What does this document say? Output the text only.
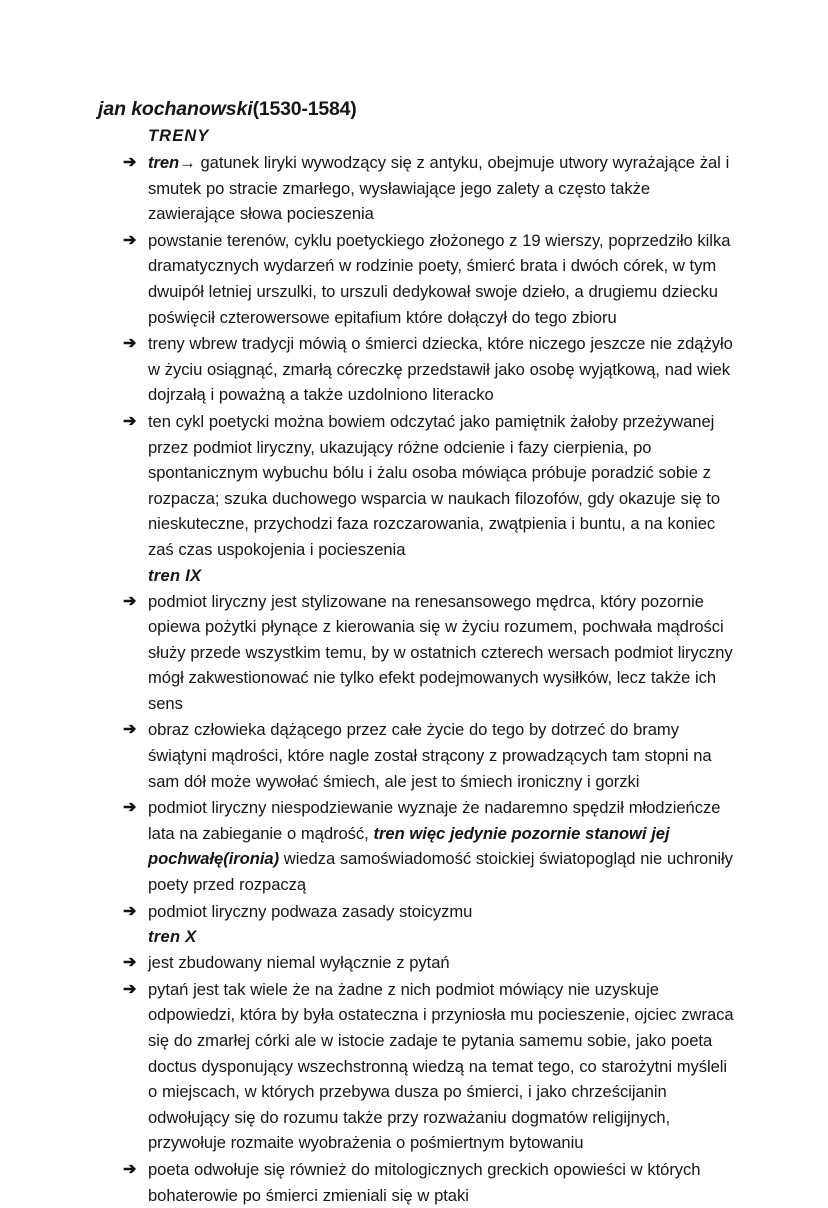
jan kochanowski(1530-1584)
TRENY
➔ tren→ gatunek liryki wywodzący się z antyku, obejmuje utwory wyrażające żal i smutek po stracie zmarłego, wysławiające jego zalety a często także zawierające słowa pocieszenia
➔ powstanie terenów, cyklu poetyckiego złożonego z 19 wierszy, poprzedziło kilka dramatycznych wydarzeń w rodzinie poety, śmierć brata i dwóch córek, w tym dwuipół letniej urszulki, to urszuli dedykował swoje dzieło, a drugiemu dziecku poświęcił czterowersowe epitafium które dołączył do tego zbioru
➔ treny wbrew tradycji mówią o śmierci dziecka, które niczego jeszcze nie zdążyło w życiu osiągnąć, zmarłą córeczkę przedstawił jako osobę wyjątkową, nad wiek dojrzałą i poważną a także uzdolniono literacko
➔ ten cykl poetycki można bowiem odczytać jako pamiętnik żałoby przeżywanej przez podmiot liryczny, ukazujący różne odcienie i fazy cierpienia, po spontanicznym wybuchu bólu i żalu osoba mówiąca próbuje poradzić sobie z rozpacza; szuka duchowego wsparcia w naukach filozofów, gdy okazuje się to nieskuteczne, przychodzi faza rozczarowania, zwątpienia i buntu, a na koniec zaś czas uspokojenia i pocieszenia
tren IX
➔ podmiot liryczny jest stylizowane na renesansowego mędrca, który pozornie opiewa pożytki płynące z kierowania się w życiu rozumem, pochwała mądrości służy przede wszystkim temu, by w ostatnich czterech wersach podmiot liryczny mógł zakwestionować nie tylko efekt podejmowanych wysiłków, lecz także ich sens
➔ obraz człowieka dążącego przez całe życie do tego by dotrzeć do bramy świątyni mądrości, które nagle został strącony z prowadzących tam stopni na sam dół może wywołać śmiech, ale jest to śmiech ironiczny i gorzki
➔ podmiot liryczny niespodziewanie wyznaje że nadaremno spędził młodzieńcze lata na zabieganie o mądrość, tren więc jedynie pozornie stanowi jej pochwałę(ironia) wiedza samoświadomość stoickiej światopogląd nie uchroniły poety przed rozpaczą
➔ podmiot liryczny podwaza zasady stoicyzmu
tren X
➔ jest zbudowany niemal wyłącznie z pytań
➔ pytań jest tak wiele że na żadne z nich podmiot mówiący nie uzyskuje odpowiedzi, która by była ostateczna i przyniosła mu pocieszenie, ojciec zwraca się do zmarłej córki ale w istocie zadaje te pytania samemu sobie, jako poeta doctus dysponujący wszechstronną wiedzą na temat tego, co starożytni myśleli o miejscach, w których przebywa dusza po śmierci, i jako chrześcijanin odwołujący się do rozumu także przy rozważaniu dogmatów religijnych, przywołuje rozmaite wyobrażenia o pośmiertnym bytowaniu
➔ poeta odwołuje się również do mitologicznych greckich opowieści w których bohaterowie po śmierci zmieniali się w ptaki
